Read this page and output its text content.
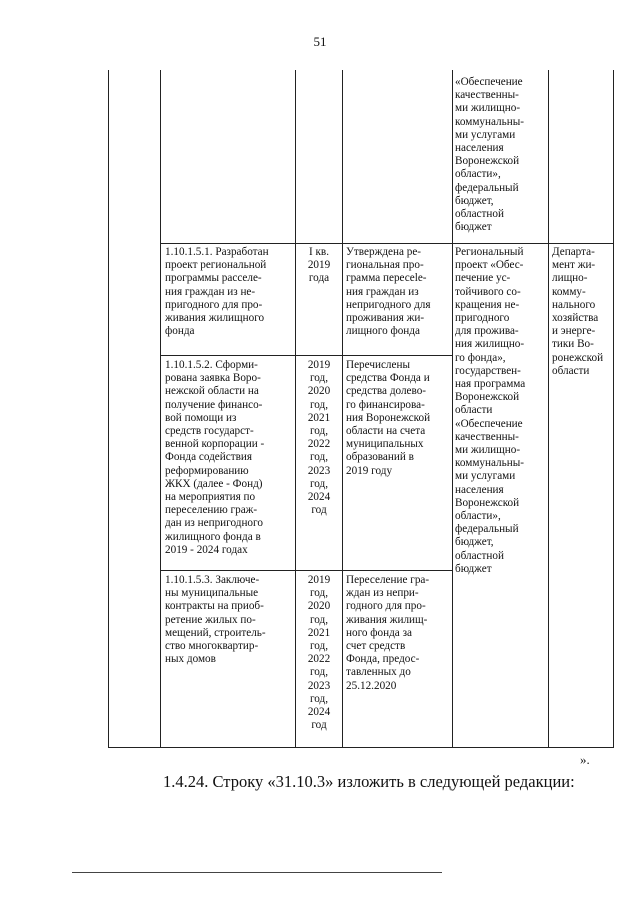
51
«Обеспечение
качественны-
ми жилищно-
коммунальны-
ми услугами
населения
Воронежской
области»,
федеральный
бюджет,
областной
бюджет
1.10.1.5.1. Разработан
проект региональной
программы расселе-
ния граждан из не-
пригодного для про-
живания жилищного
фонда
I кв.
2019
года
Утверждена ре-
гиональная про-
грамма пересele-
ния граждан из
непригодного для
проживания жи-
лищного фонда
1.10.1.5.2. Сформи-
рована заявка Воро-
нежской области на
получение финансо-
вой помощи из
средств государст-
венной корпорации -
Фонда содействия
реформированию
ЖКХ (далее - Фонд)
на мероприятия по
переселению граж-
дан из непригодного
жилищного фонда в
2019 - 2024 годах
2019
год,
2020
год,
2021
год,
2022
год,
2023
год,
2024
год
Перечислены
средства Фонда и
средства долево-
го финансирова-
ния Воронежской
области на счета
муниципальных
образований в
2019 году
1.10.1.5.3. Заключе-
ны муниципальные
контракты на приоб-
ретение жилых по-
мещений, строитель-
ство многоквартир-
ных домов
2019
год,
2020
год,
2021
год,
2022
год,
2023
год,
2024
год
Переселение гра-
ждан из непри-
годного для про-
живания жилищ-
ного фонда за
счет средств
Фонда, предос-
тавленных до
25.12.2020
Региональный
проект «Обес-
печение ус-
тойчивого со-
кращения не-
пригодного
для прожива-
ния жилищно-
го фонда»,
государствен-
ная программа
Воронежской
области
«Обеспечение
качественны-
ми жилищно-
коммунальны-
ми услугами
населения
Воронежской
области»,
федеральный
бюджет,
областной
бюджет
Департа-
мент жи-
лищно-
комму-
нального
хозяйства
и энерге-
тики Во-
ронежской
области
».
1.4.24. Строку «31.10.3» изложить в следующей редакции:
